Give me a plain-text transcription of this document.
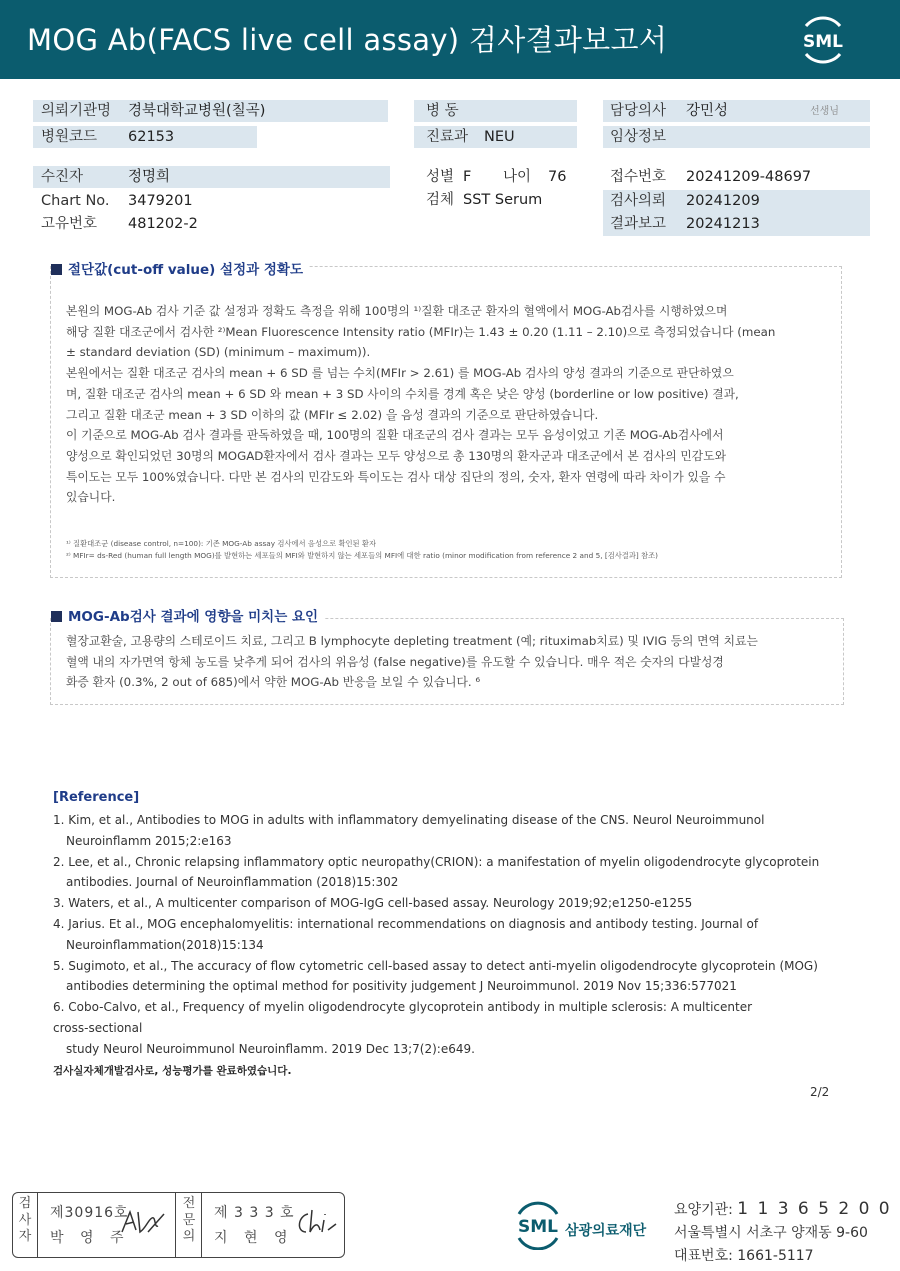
MOG Ab(FACS live cell assay) 검사결과보고서	SML
의뢰기관명 경북대학교병원(칠곡)
병원코드 62153
병 동
진료과 NEU
담당의사 강민성	선생님
임상정보
수진자	정명희
Chart No. 3479201
고유번호 481202-2
성별 F 나이 76
검체 SST Serum
접수번호 20241209-48697
검사의뢰 20241209
결과보고 20241213
절단값(cut-off value) 설정과 정확도
본원의 MOG-Ab 검사 기준 값 설정과 정확도 측정을 위해 100명의 ¹⁾질환 대조군 환자의 혈액에서 MOG-Ab검사를 시행하였으며
해당 질환 대조군에서 검사한 ²⁾Mean Fluorescence Intensity ratio (MFIr)는 1.43 ± 0.20 (1.11 – 2.10)으로 측정되었습니다 (mean
± standard deviation (SD) (minimum – maximum)).
본원에서는 질환 대조군 검사의 mean + 6 SD 를 넘는 수치(MFIr > 2.61) 를 MOG-Ab 검사의 양성 결과의 기준으로 판단하였으
며, 질환 대조군 검사의 mean + 6 SD 와 mean + 3 SD 사이의 수치를 경계 혹은 낮은 양성 (borderline or low positive) 결과,
그리고 질환 대조군 mean + 3 SD 이하의 값 (MFIr ≤ 2.02) 을 음성 결과의 기준으로 판단하였습니다.
이 기준으로 MOG-Ab 검사 결과를 판독하였을 때, 100명의 질환 대조군의 검사 결과는 모두 음성이었고 기존 MOG-Ab검사에서
양성으로 확인되었던 30명의 MOGAD환자에서 검사 결과는 모두 양성으로 총 130명의 환자군과 대조군에서 본 검사의 민감도와
특이도는 모두 100%였습니다. 다만 본 검사의 민감도와 특이도는 검사 대상 집단의 정의, 숫자, 환자 연령에 따라 차이가 있을 수
있습니다.
¹⁾ 질환대조군 (disease control, n=100): 기존 MOG-Ab assay 검사에서 음성으로 확인된 환자
²⁾ MFIr= ds-Red (human full length MOG)를 발현하는 세포들의 MFI와 발현하지 않는 세포들의 MFI에 대한 ratio (minor modification from reference 2 and 5, [검사결과] 참조)
MOG-Ab검사 결과에 영향을 미치는 요인
혈장교환술, 고용량의 스테로이드 치료, 그리고 B lymphocyte depleting treatment (예; rituximab치료) 및 IVIG 등의 면역 치료는
혈액 내의 자가면역 항체 농도를 낮추게 되어 검사의 위음성 (false negative)를 유도할 수 있습니다. 매우 적은 숫자의 다발성경
화증 환자 (0.3%, 2 out of 685)에서 약한 MOG-Ab 반응을 보일 수 있습니다. ⁶
[Reference]
1. Kim, et al., Antibodies to MOG in adults with inflammatory demyelinating disease of the CNS. Neurol Neuroimmunol
Neuroinflamm 2015;2:e163
2. Lee, et al., Chronic relapsing inflammatory optic neuropathy(CRION): a manifestation of myelin oligodendrocyte glycoprotein
antibodies. Journal of Neuroinflammation (2018)15:302
3. Waters, et al., A multicenter comparison of MOG-IgG cell-based assay. Neurology 2019;92;e1250-e1255
4. Jarius. Et al., MOG encephalomyelitis: international recommendations on diagnosis and antibody testing. Journal of
Neuroinflammation(2018)15:134
5. Sugimoto, et al., The accuracy of flow cytometric cell-based assay to detect anti-myelin oligodendrocyte glycoprotein (MOG)
antibodies determining the optimal method for positivity judgement J Neuroimmunol. 2019 Nov 15;336:577021
6. Cobo-Calvo, et al., Frequency of myelin oligodendrocyte glycoprotein antibody in multiple sclerosis: A multicenter
cross-sectional
study Neurol Neuroimmunol Neuroinflamm. 2019 Dec 13;7(2):e649.
검사실자체개발검사로, 성능평가를 완료하였습니다.
2/2
검사자
제30916호
박 영 주
전문의
제 3 3 3 호
지 현 영
SML 삼광의료재단
요양기관: 1 1 3 6 5 2 0 0
서울특별시 서초구 양재동 9-60
대표번호: 1661-5117
